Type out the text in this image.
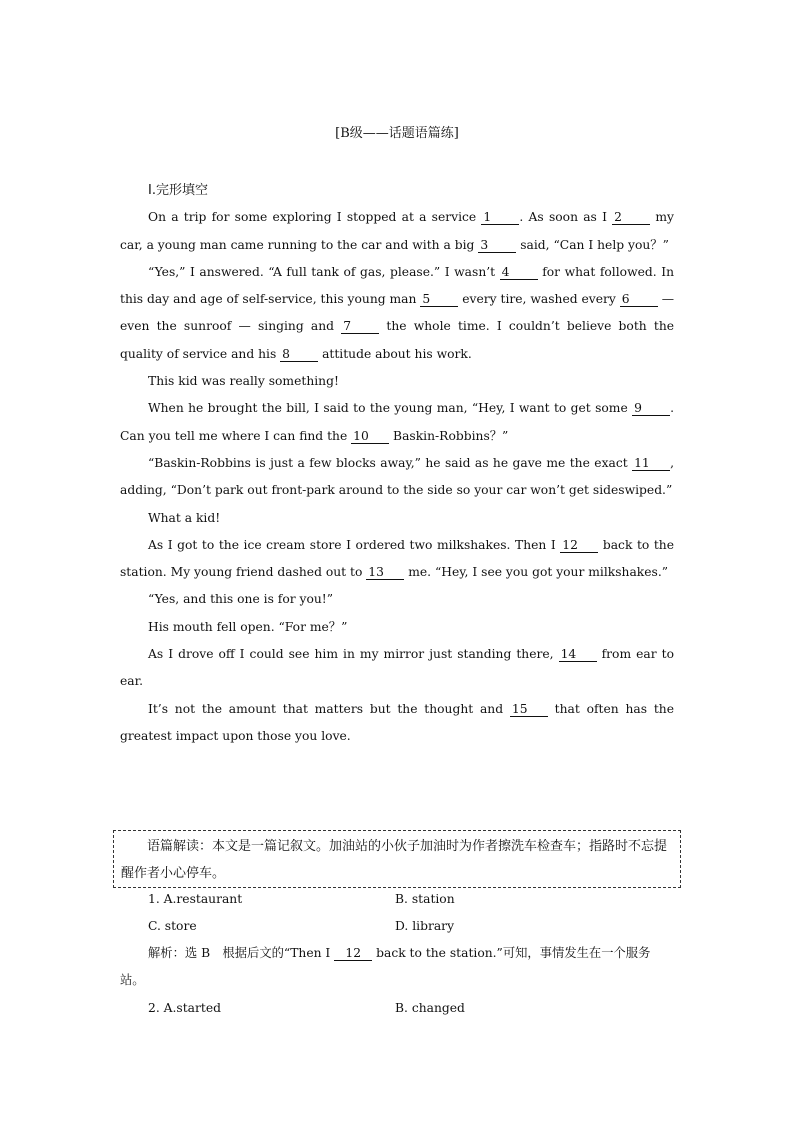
[B级——话题语篇练]
Ⅰ.完形填空

On a trip for some exploring I stopped at a service 1 . As soon as I 2 my car, a young man came running to the car and with a big 3 said, “Can I help you？”

“Yes,” I answered. “A full tank of gas, please.” I wasn’t 4 for what followed. In this day and age of self-service, this young man 5 every tire, washed every 6 — even the sunroof — singing and 7 the whole time. I couldn’t believe both the quality of service and his 8 attitude about his work.

This kid was really something!

When he brought the bill, I said to the young man, “Hey, I want to get some 9 . Can you tell me where I can find the 10 Baskin-Robbins？”

“Baskin-Robbins is just a few blocks away,” he said as he gave me the exact 11 , adding, “Don’t park out front-park around to the side so your car won’t get sideswiped.”

What a kid!

As I got to the ice cream store I ordered two milkshakes. Then I 12 back to the station. My young friend dashed out to 13 me. “Hey, I see you got your milkshakes.”

“Yes, and this one is for you!”

His mouth fell open. “For me？”

As I drove off I could see him in my mirror just standing there, 14 from ear to ear.

It’s not the amount that matters but the thought and 15 that often has the greatest impact upon those you love.

语篇解读：本文是一篇记叙文。加油站的小伙子加油时为作者擦洗车检查车；指路时不忘提醒作者小心停车。
1. A.restaurant	B. station
C. store	D. library
解析：选 B　根据后文的“Then I 12 back to the station.”可知，事情发生在一个服务站。
2. A.started	B. changed
